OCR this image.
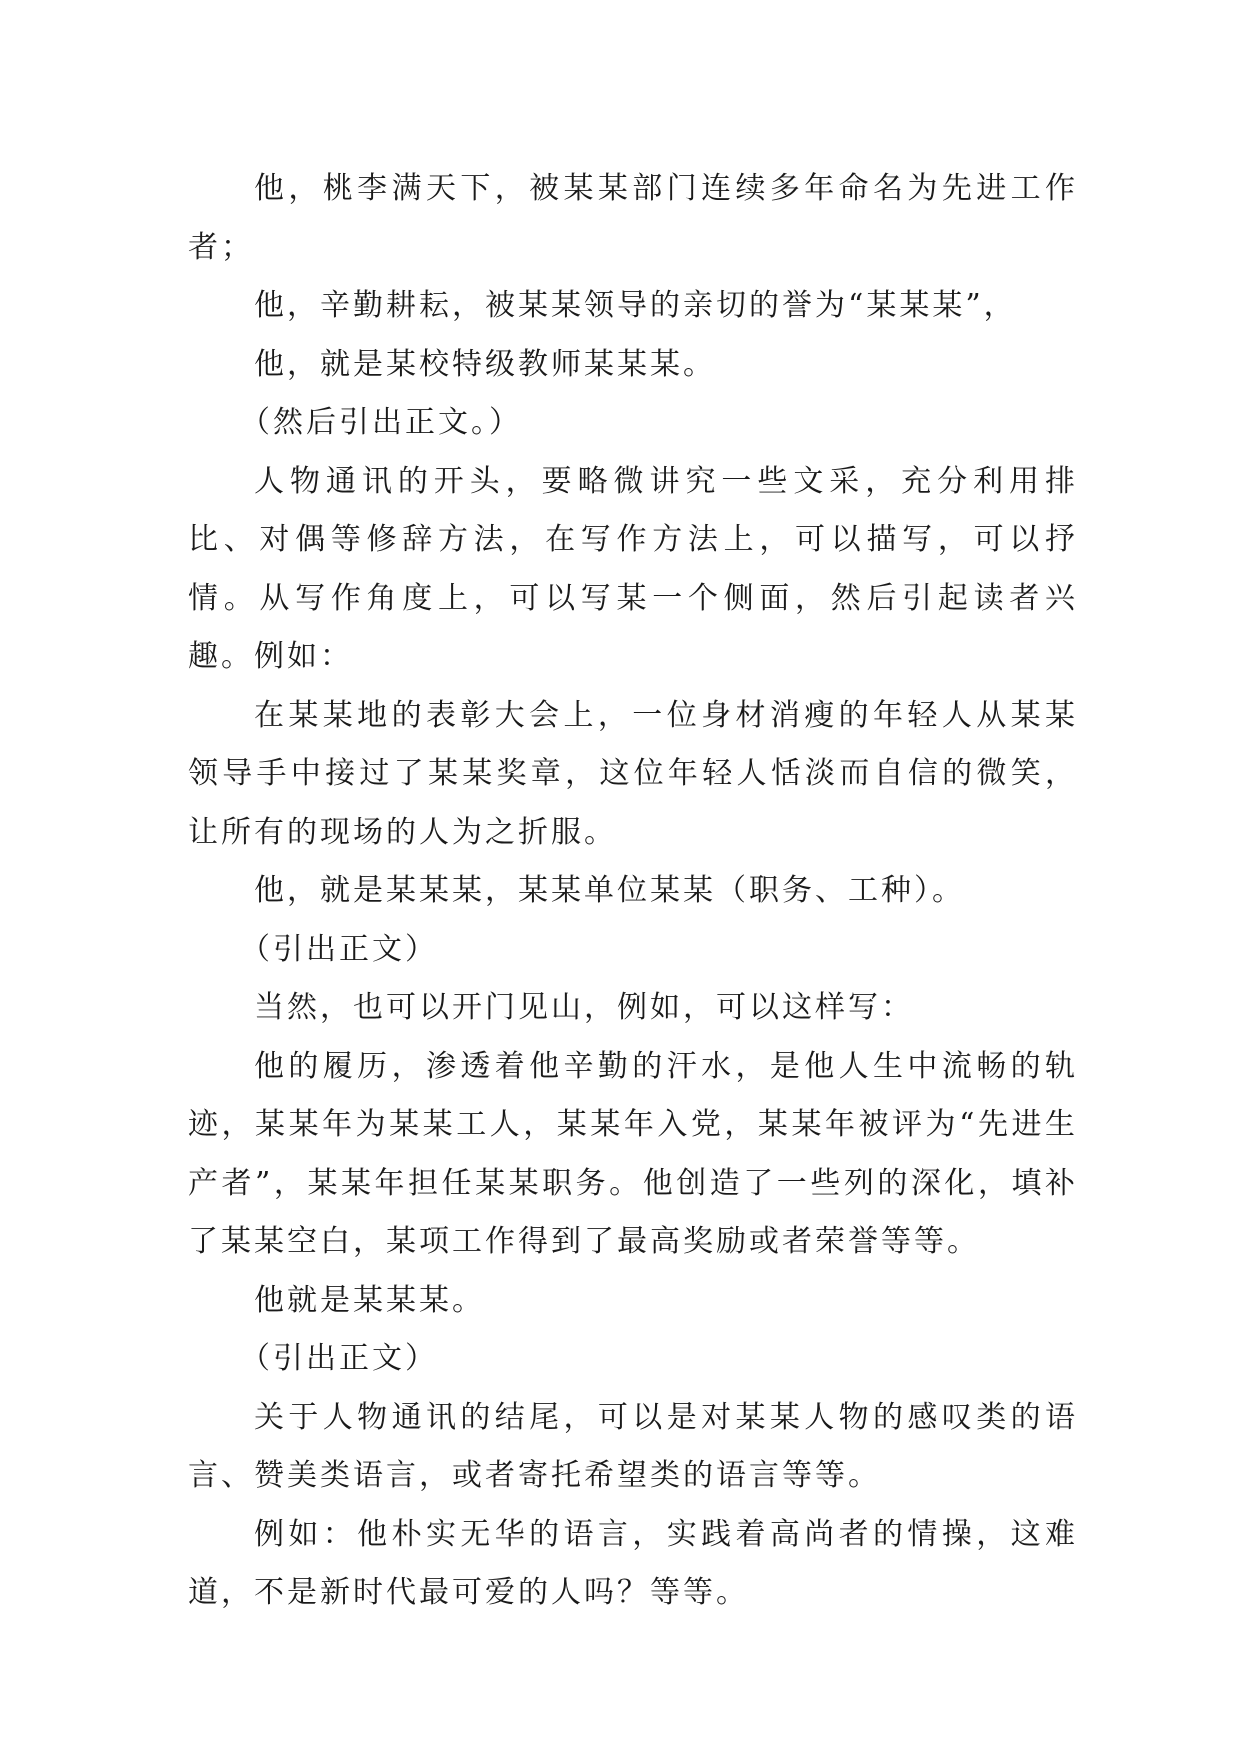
他，桃李满天下，被某某部门连续多年命名为先进工作者；

他，辛勤耕耘，被某某领导的亲切的誉为“某某某”，

他，就是某校特级教师某某某。

（然后引出正文。）

人物通讯的开头，要略微讲究一些文采，充分利用排比、对偶等修辞方法，在写作方法上，可以描写，可以抒情。从写作角度上，可以写某一个侧面，然后引起读者兴趣。例如：

在某某地的表彰大会上，一位身材消瘦的年轻人从某某领导手中接过了某某奖章，这位年轻人恬淡而自信的微笑，让所有的现场的人为之折服。

他，就是某某某，某某单位某某（职务、工种）。

（引出正文）

当然，也可以开门见山，例如，可以这样写：

他的履历，渗透着他辛勤的汗水，是他人生中流畅的轨迹，某某年为某某工人，某某年入党，某某年被评为“先进生产者”，某某年担任某某职务。他创造了一些列的深化，填补了某某空白，某项工作得到了最高奖励或者荣誉等等。

他就是某某某。

（引出正文）

关于人物通讯的结尾，可以是对某某人物的感叹类的语言、赞美类语言，或者寄托希望类的语言等等。

例如：他朴实无华的语言，实践着高尚者的情操，这难道，不是新时代最可爱的人吗？等等。
